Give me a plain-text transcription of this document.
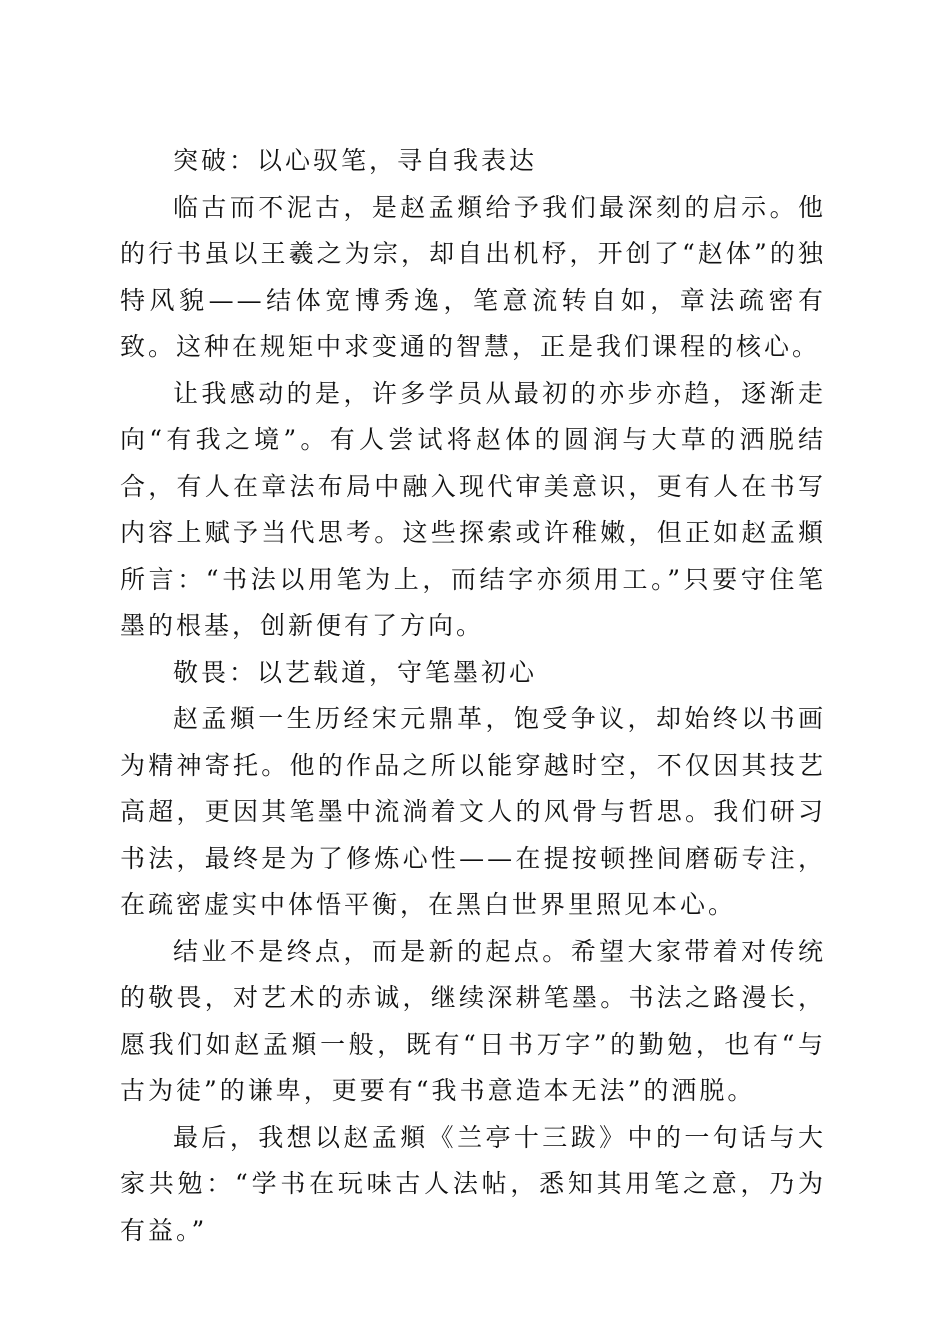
突破：以心驭笔，寻自我表达

临古而不泥古，是赵孟頫给予我们最深刻的启示。他的行书虽以王羲之为宗，却自出机杼，开创了“赵体”的独特风貌——结体宽博秀逸，笔意流转自如，章法疏密有致。这种在规矩中求变通的智慧，正是我们课程的核心。

让我感动的是，许多学员从最初的亦步亦趋，逐渐走向“有我之境”。有人尝试将赵体的圆润与大草的洒脱结合，有人在章法布局中融入现代审美意识，更有人在书写内容上赋予当代思考。这些探索或许稚嫩，但正如赵孟頫所言：“书法以用笔为上，而结字亦须用工。”只要守住笔墨的根基，创新便有了方向。

敬畏：以艺载道，守笔墨初心

赵孟頫一生历经宋元鼎革，饱受争议，却始终以书画为精神寄托。他的作品之所以能穿越时空，不仅因其技艺高超，更因其笔墨中流淌着文人的风骨与哲思。我们研习书法，最终是为了修炼心性——在提按顿挫间磨砺专注，在疏密虚实中体悟平衡，在黑白世界里照见本心。

结业不是终点，而是新的起点。希望大家带着对传统的敬畏，对艺术的赤诚，继续深耕笔墨。书法之路漫长，愿我们如赵孟頫一般，既有“日书万字”的勤勉，也有“与古为徒”的谦卑，更要有“我书意造本无法”的洒脱。

最后，我想以赵孟頫《兰亭十三跋》中的一句话与大家共勉：“学书在玩味古人法帖，悉知其用笔之意，乃为有益。”
